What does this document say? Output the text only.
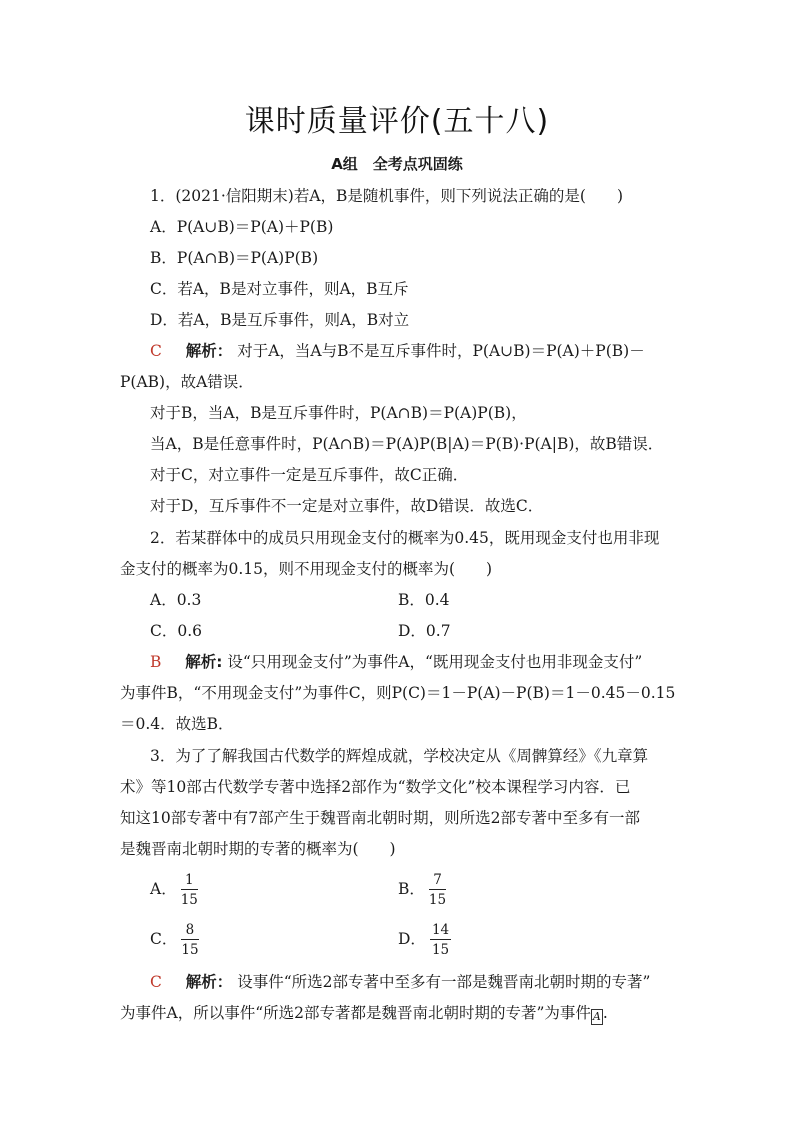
课时质量评价(五十八)
A组　全考点巩固练
1．(2021·信阳期末)若A，B是随机事件，则下列说法正确的是(　　)
A．P(A∪B)＝P(A)＋P(B)
B．P(A∩B)＝P(A)P(B)
C．若A，B是对立事件，则A，B互斥
D．若A，B是互斥事件，则A，B对立
C 解析： 对于A，当A与B不是互斥事件时，P(A∪B)＝P(A)＋P(B)－
P(AB)，故A错误．
对于B，当A，B是互斥事件时，P(A∩B)＝P(A)P(B)，
当A，B是任意事件时，P(A∩B)＝P(A)P(B|A)＝P(B)·P(A|B)，故B错误．
对于C，对立事件一定是互斥事件，故C正确．
对于D，互斥事件不一定是对立事件，故D错误．故选C．
2．若某群体中的成员只用现金支付的概率为0.45，既用现金支付也用非现
金支付的概率为0.15，则不用现金支付的概率为(　　)
A．0.3	B．0.4
C．0.6	D．0.7
B 解析: 设“只用现金支付”为事件A，“既用现金支付也用非现金支付”
为事件B，“不用现金支付”为事件C，则P(C)＝1－P(A)－P(B)＝1－0.45－0.15
＝0.4．故选B．
3．为了了解我国古代数学的辉煌成就，学校决定从《周髀算经》《九章算
术》等10部古代数学专著中选择2部作为“数学文化”校本课程学习内容．已
知这10部专著中有7部产生于魏晋南北朝时期，则所选2部专著中至多有一部
是魏晋南北朝时期的专著的概率为(　　)
A． $\frac{1}{15}$	B． $\frac{7}{15}$
C． $\frac{8}{15}$	D． $\frac{14}{15}$
C 解析： 设事件“所选2部专著中至多有一部是魏晋南北朝时期的专著”
为事件A，所以事件“所选2部专著都是魏晋南北朝时期的专著”为事件 A .
